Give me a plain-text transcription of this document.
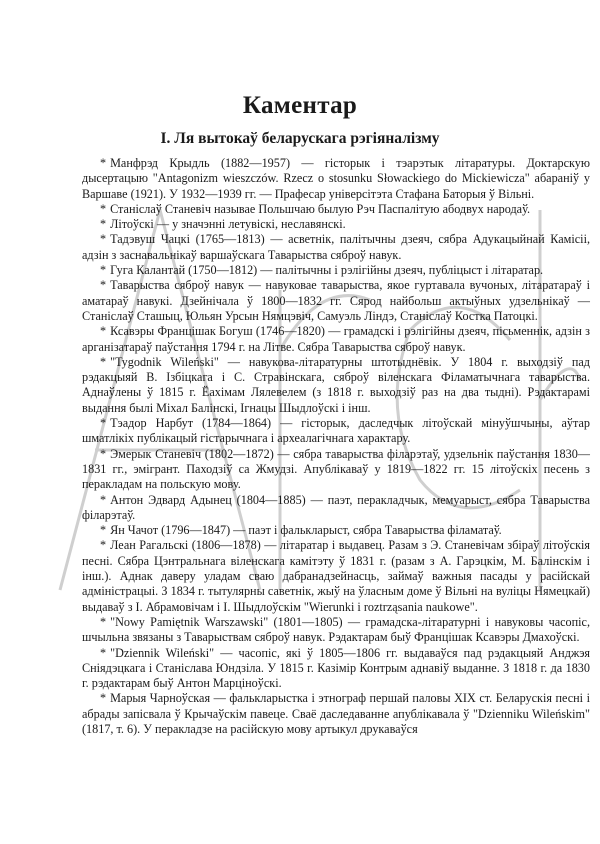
Каментар
I. Ля вытокаў беларускага рэгіяналізму

* Манфрэд Крыдль (1882—1957) — гісторык і тэарэтык літаратуры. Доктарскую дысертацыю "Antagonizm wieszczów. Rzecz o stosunku Słowackiego do Mickiewicza" абараніў у Варшаве (1921). У 1932—1939 гг. — Прафесар універсітэта Стафана Баторыя ў Вільні.

* Станіслаў Станевіч называе Польшчаю былую Рэч Паспалітую абодвух народаў.

* Літоўскі — у значэнні летувіскі, неславянскі.

* Тадэвуш Чацкі (1765—1813) — асветнік, палітычны дзеяч, сябра Адукацыйнай Камісіі, адзін з заснавальнікаў варшаўскага Таварыства сяброў навук.

* Гуга Калантай (1750—1812) — палітычны і рэлігійны дзеяч, публіцыст і літаратар.

* Таварыства сяброў навук — навуковае таварыства, якое гуртавала вучоных, літаратараў і аматараў навукі. Дзейнічала ў 1800—1832 гг. Сярод найбольш актыўных удзельнікаў — Станіслаў Сташыц, Юльян Урсын Нямцэвіч, Самуэль Ліндэ, Станіслаў Костка Патоцкі.

* Ксавэры Францішак Богуш (1746—1820) — грамадскі і рэлігійны дзеяч, пісьменнік, адзін з арганізатараў паўстання 1794 г. на Літве. Сябра Таварыства сяброў навук.

* "Tygodnik Wileński" — навукова-літаратурны штотыднёвік. У 1804 г. выходзіў пад рэдакцыяй В. Ізбіцкага і С. Стравінскага, сяброў віленскага Філаматычнага таварыства. Аднаўлены ў 1815 г. Ёахімам Лялевелем (з 1818 г. выходзіў раз на два тыдні). Рэдактарамі выдання былі Міхал Балінскі, Ігнацы Шыдлоўскі і інш.

* Тэадор Нарбут (1784—1864) — гісторык, даследчык літоўскай мінуўшчыны, аўтар шматлікіх публікацый гістарычнага і археалагічнага характару.

* Эмерык Станевіч (1802—1872) — сябра таварыства філарэтаў, удзельнік паўстання 1830—1831 гг., эмігрант. Паходзіў са Жмудзі. Апублікаваў у 1819—1822 гг. 15 літоўскіх песень з перакладам на польскую мову.

* Антон Эдвард Адынец (1804—1885) — паэт, перакладчык, мемуарыст, сябра Таварыства філарэтаў.

* Ян Чачот (1796—1847) — паэт і фалькларыст, сябра Таварыства філаматаў.

* Леан Рагальскі (1806—1878) — літаратар і выдавец. Разам з Э. Станевічам збіраў літоўскія песні. Сябра Цэнтральнага віленскага камітэту ў 1831 г. (разам з А. Гарэцкім, М. Балінскім і інш.). Аднак даверу уладам сваю дабранадзейнасць, займаў важныя пасады у расійскай адміністрацыі. З 1834 г. тытулярны саветнік, жыў на ўласным доме ў Вільні на вуліцы Нямецкай) выдаваў з І. Абрамовічам і І. Шыдлоўскім "Wierunki i roztrząsania naukowe".

* "Nowy Pamiętnik Warszawski" (1801—1805) — грамадска-літаратурні і навуковы часопіс, шчыльна звязаны з Таварыствам сяброў навук. Рэдактарам быў Францішак Ксавэры Дмахоўскі.

* "Dziennik Wileński" — часопіс, які ў 1805—1806 гг. выдаваўся пад рэдакцыяй Анджэя Сніядэцкага і Станіслава Юндзіла. У 1815 г. Казімір Контрым аднавіў выданне. З 1818 г. да 1830 г. рэдактарам быў Антон Марціноўскі.

* Марыя Чарноўская — фалькларыстка і этнограф першай паловы XIX ст. Беларускія песні і абрады запісвала ў Крычаўскім павеце. Сваё даследаванне апублікавала ў "Dzienniku Wileńskim" (1817, т. 6). У перакладзе на расійскую мову артыкул друкаваўся
